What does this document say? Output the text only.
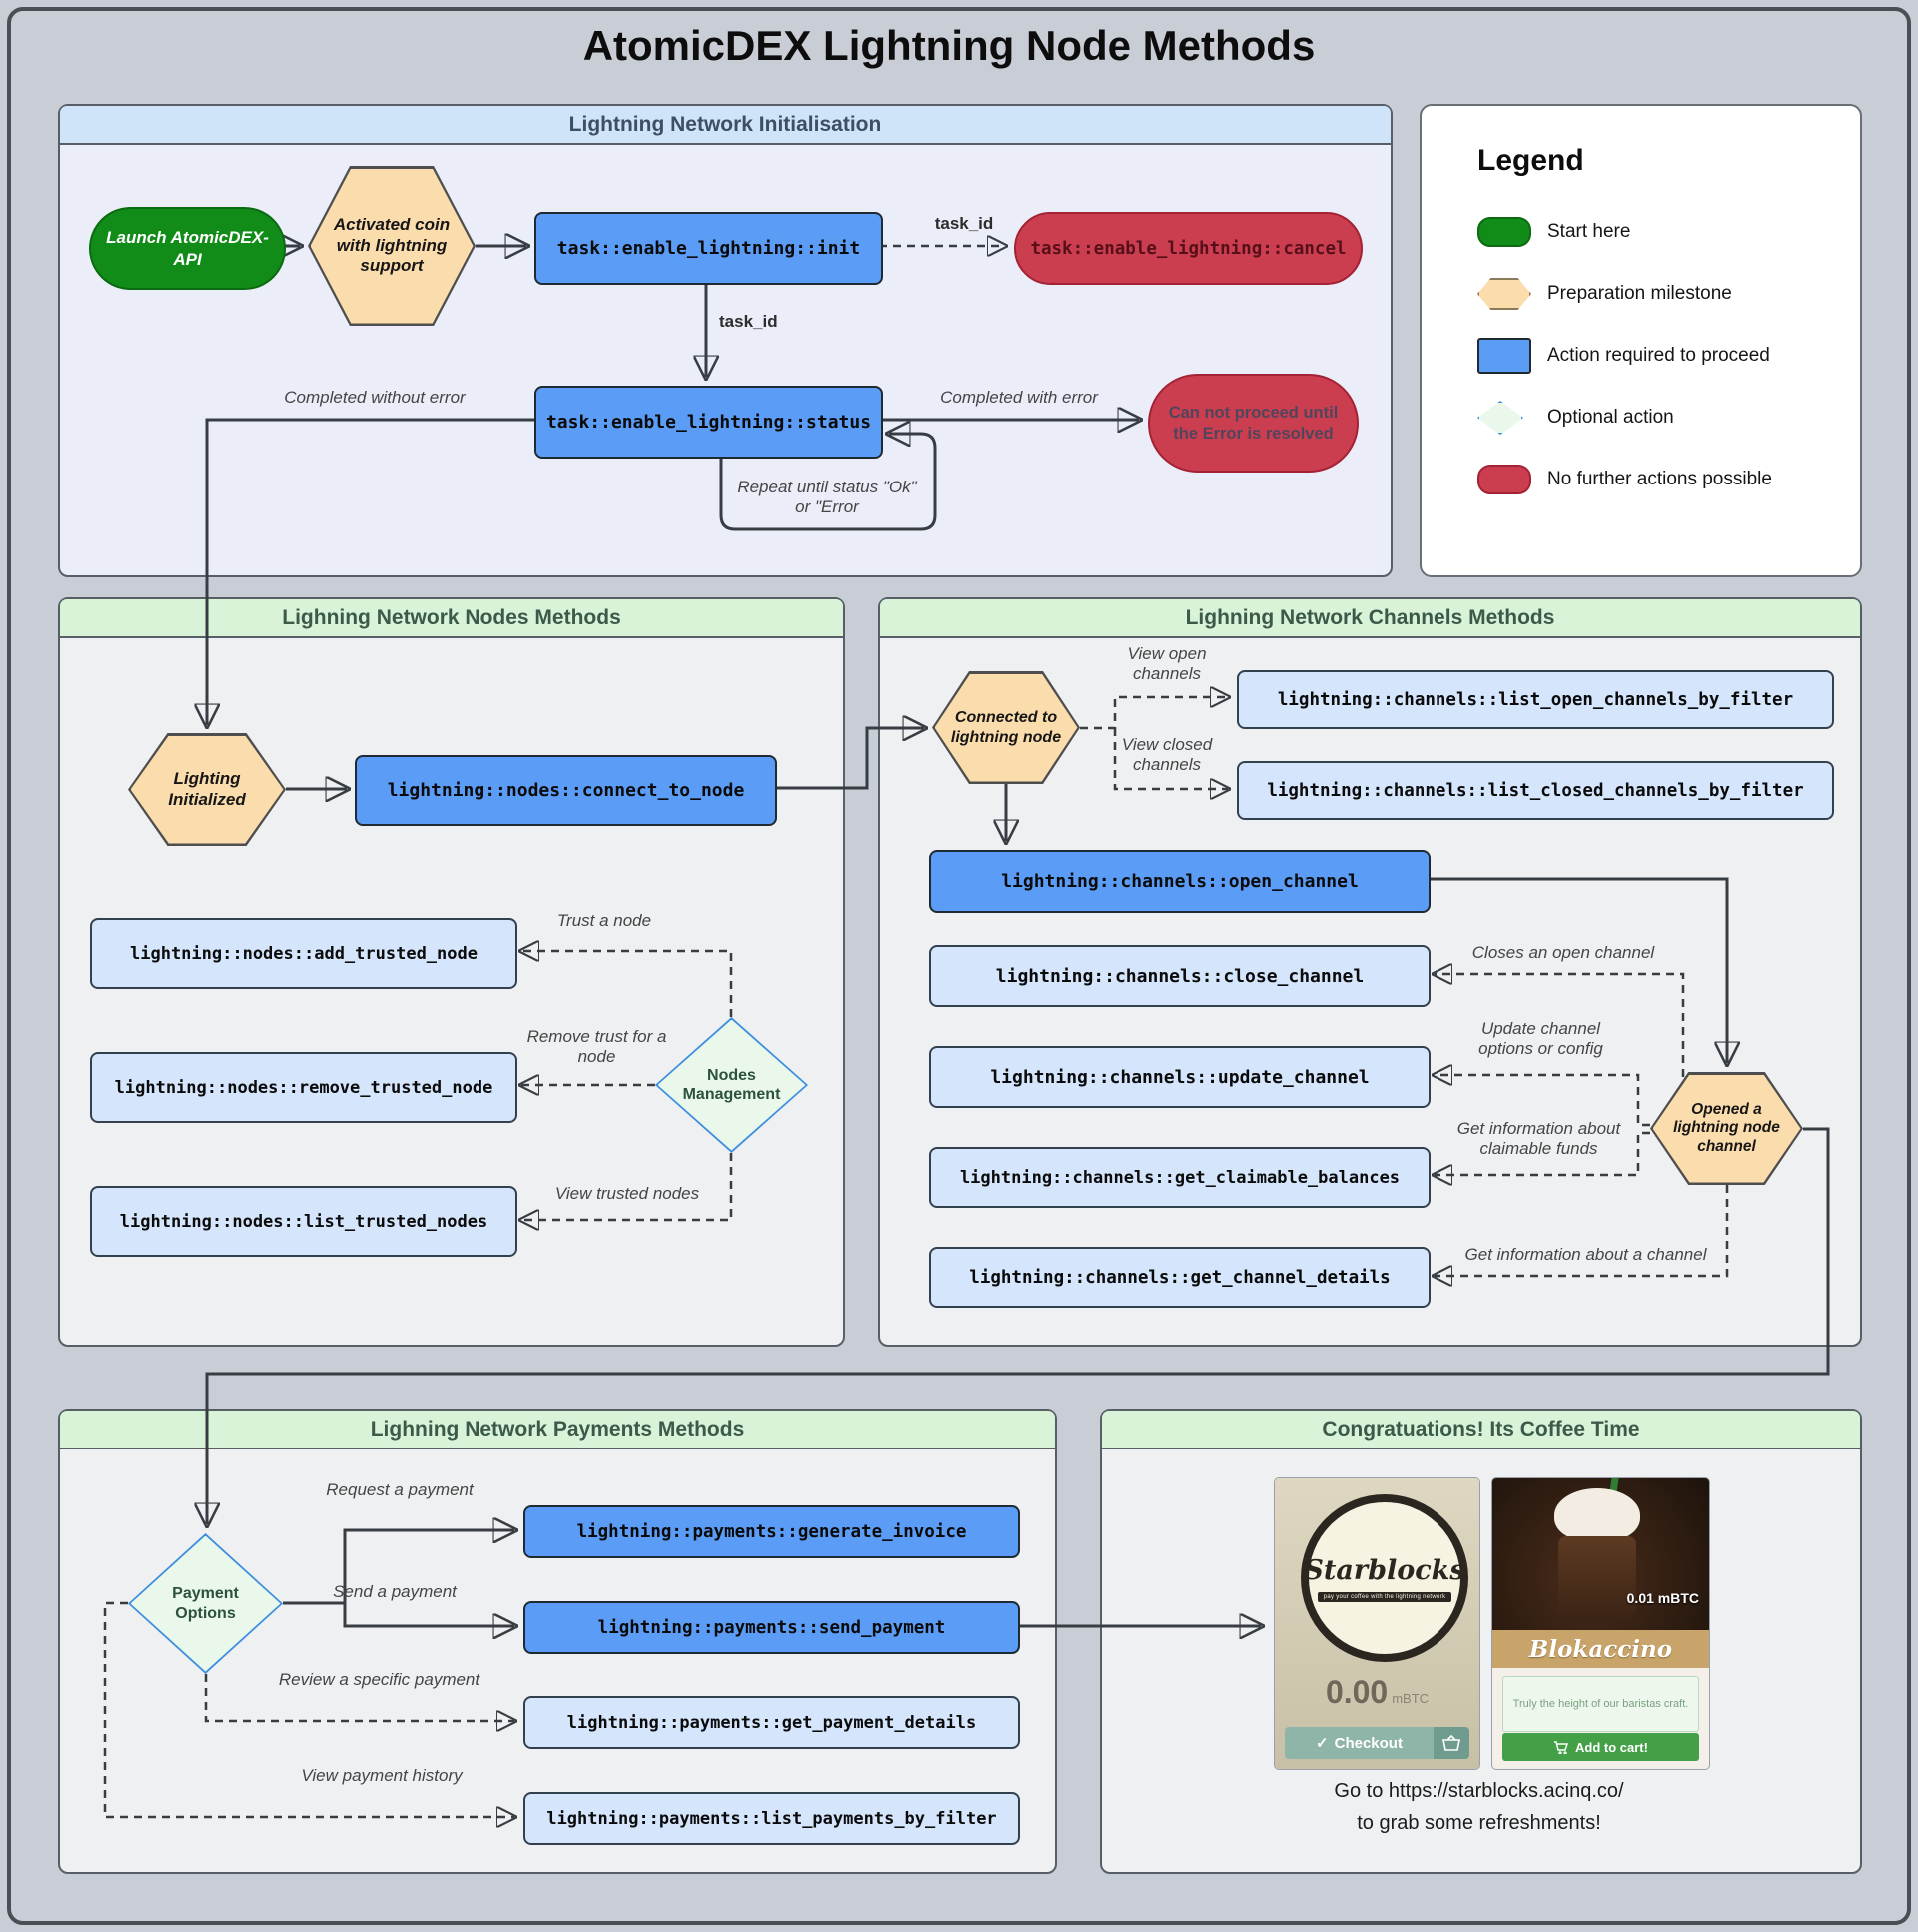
AtomicDEX Lightning Node Methods
Lightning Network Initialisation
Lighning Network Nodes Methods	Lighning Network Channels Methods
Lighning Network Payments Methods	Congratuations! Its Coffee Time
Launch AtomicDEX-API
Activated coin with lightning support
task::enable_lightning::init	task::enable_lightning::cancel
task::enable_lightning::status	Can not proceed until the Error is resolved
task_id
task_id
Completed without error	Completed with error
Repeat until status "Ok" or "Error
Legend
Start here
Preparation milestone
Action required to proceed
Optional action
No further actions possible
Lighting Initialized	lightning::nodes::connect_to_node
lightning::nodes::add_trusted_node
lightning::nodes::remove_trusted_node
lightning::nodes::list_trusted_nodes
Nodes Management
Trust a node
Remove trust for a node
View trusted nodes
Connected to lightning node
lightning::channels::list_open_channels_by_filter
lightning::channels::list_closed_channels_by_filter
lightning::channels::open_channel
lightning::channels::close_channel
lightning::channels::update_channel
lightning::channels::get_claimable_balances
lightning::channels::get_channel_details
Opened a lightning node channel
View open channels
View closed channels
Closes an open channel
Update channel options or config
Get information about claimable funds
Get information about a channel
Payment Options
lightning::payments::generate_invoice
lightning::payments::send_payment
lightning::payments::get_payment_details
lightning::payments::list_payments_by_filter
Request a payment
Send a payment
Review a specific payment
View payment history
Starblocks
pay your coffee with the lightning network
0.00 mBTC
✓ Checkout
0.01 mBTC
Blokaccino
Truly the height of our baristas craft.
Add to cart!
Go to https://starblocks.acinq.co/
to grab some refreshments!
